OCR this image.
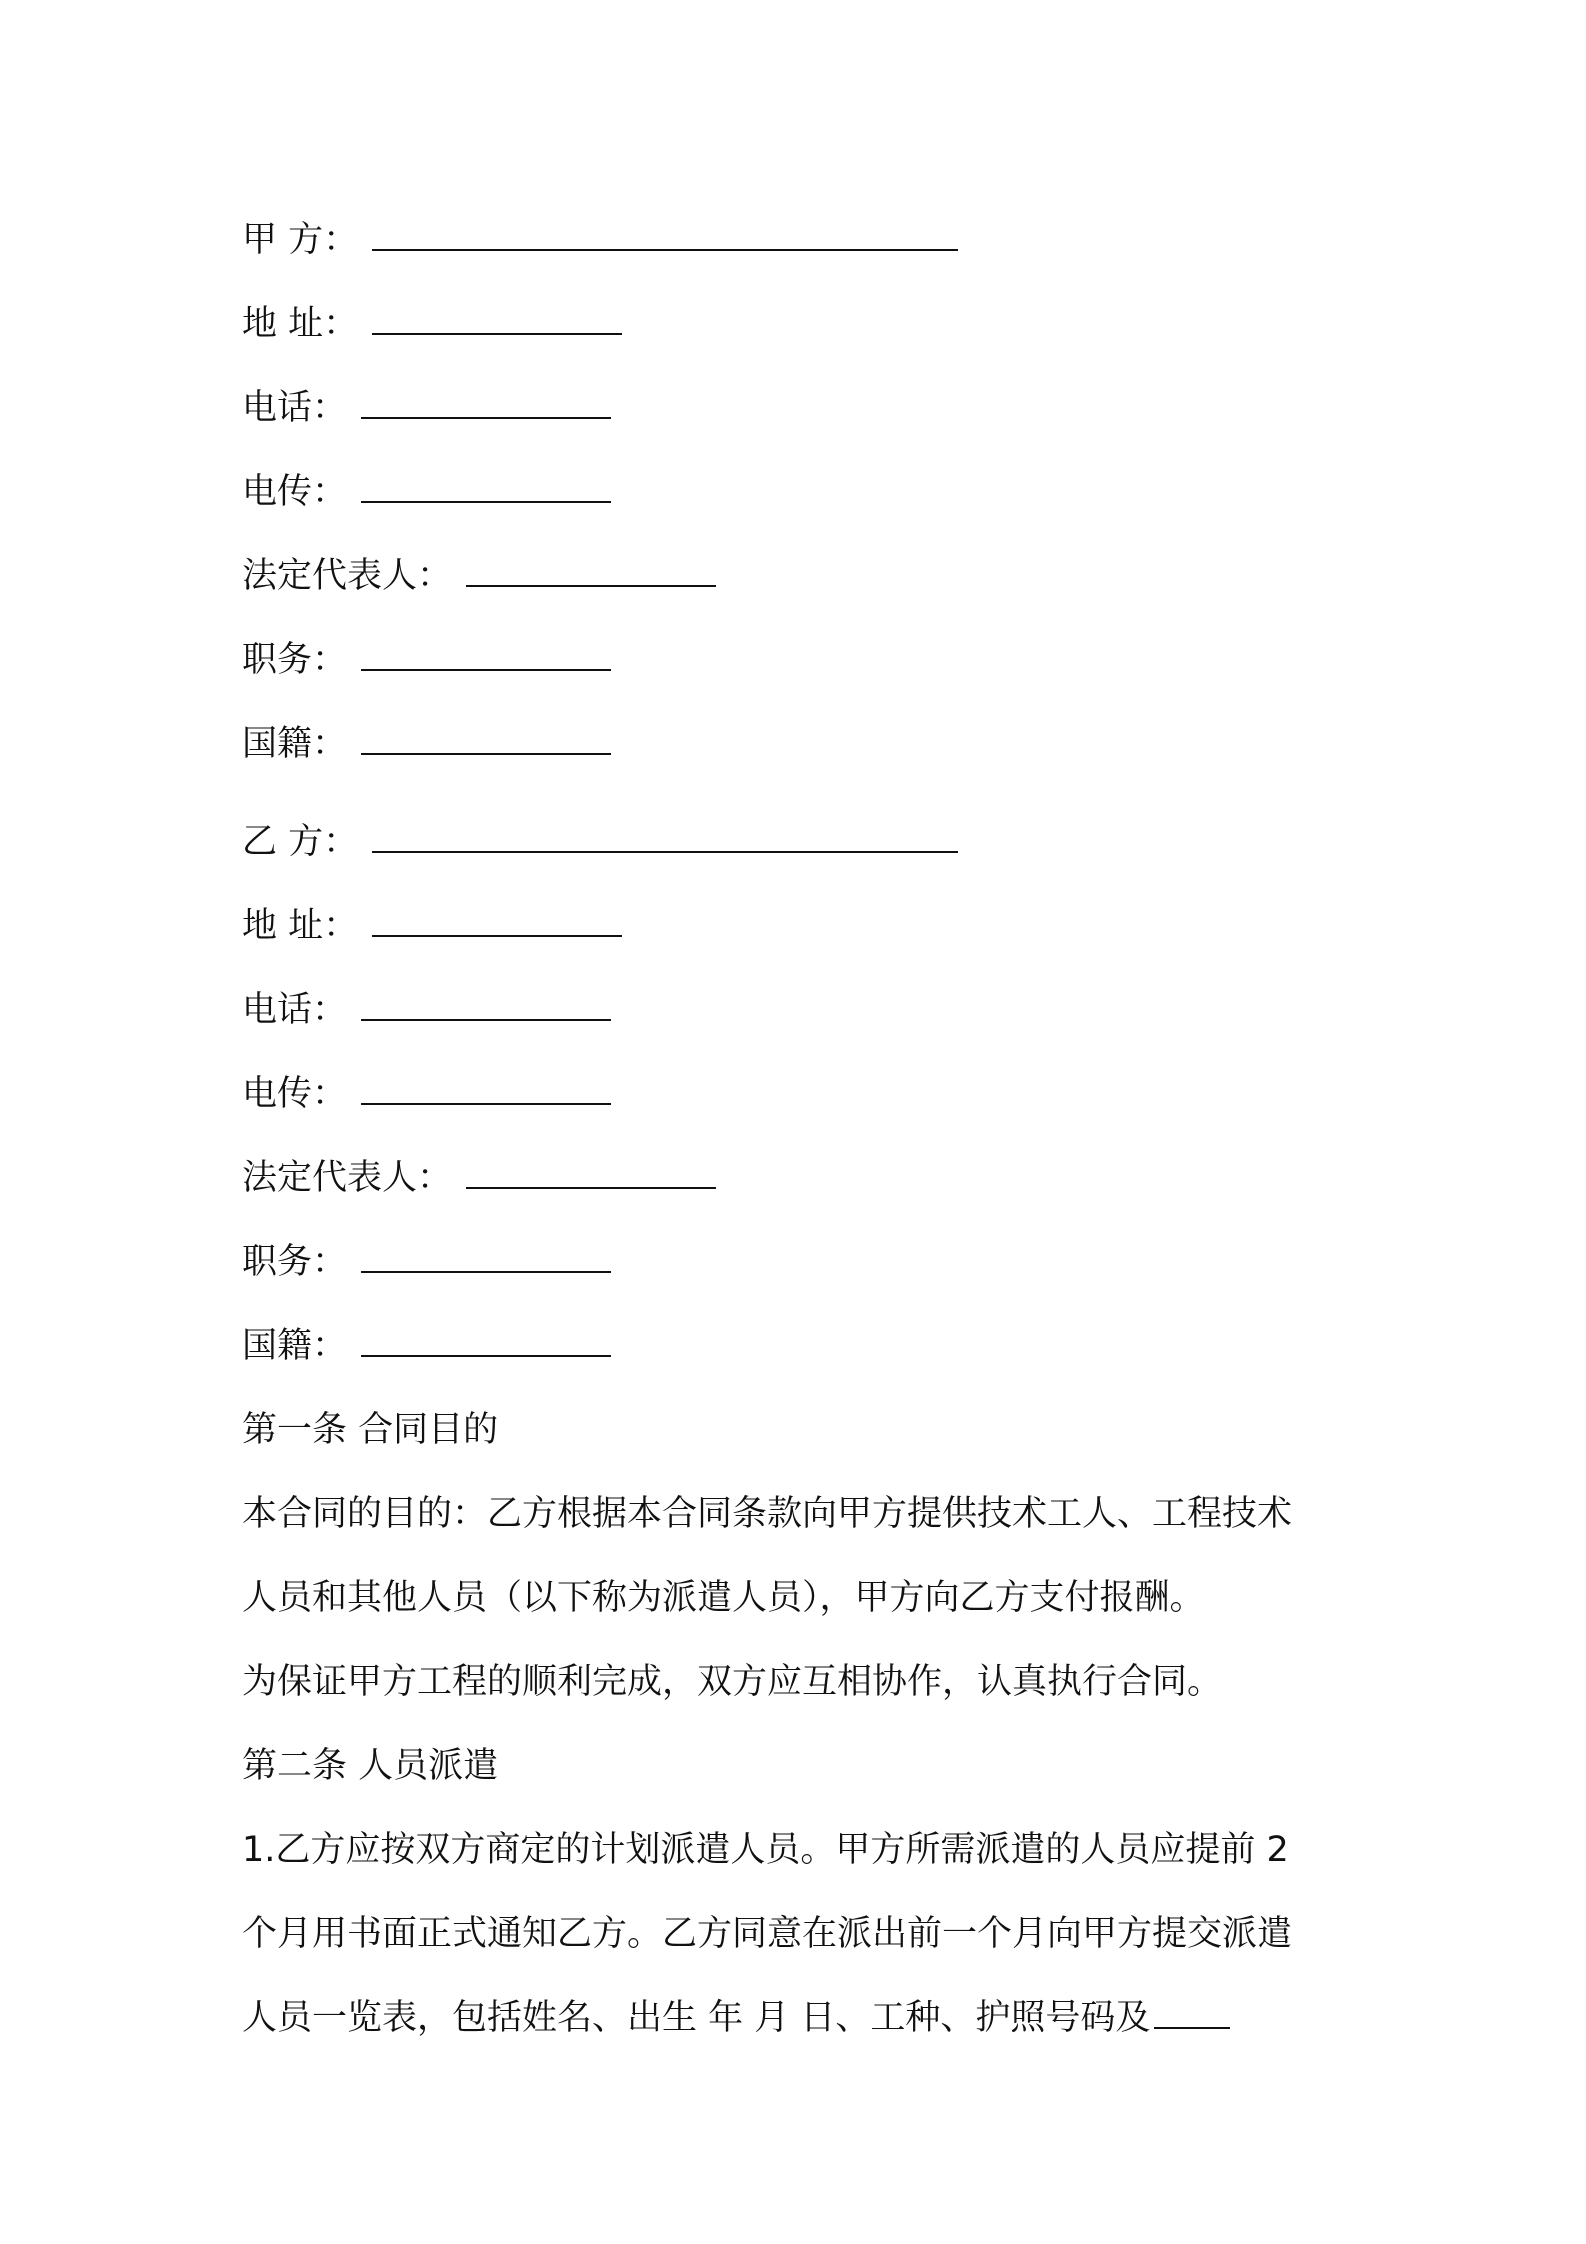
甲 方：
地 址：
电话：
电传：
法定代表人：
职务：
国籍：
乙 方：
地 址：
电话：
电传：
法定代表人：
职务：
国籍：
第一条 合同目的
本合同的目的：乙方根据本合同条款向甲方提供技术工人、工程技术
人员和其他人员（以下称为派遣人员），甲方向乙方支付报酬。
为保证甲方工程的顺利完成，双方应互相协作，认真执行合同。
第二条 人员派遣
1.乙方应按双方商定的计划派遣人员。甲方所需派遣的人员应提前 2
个月用书面正式通知乙方。乙方同意在派出前一个月向甲方提交派遣
人员一览表，包括姓名、出生 年 月 日、工种、护照号码及
